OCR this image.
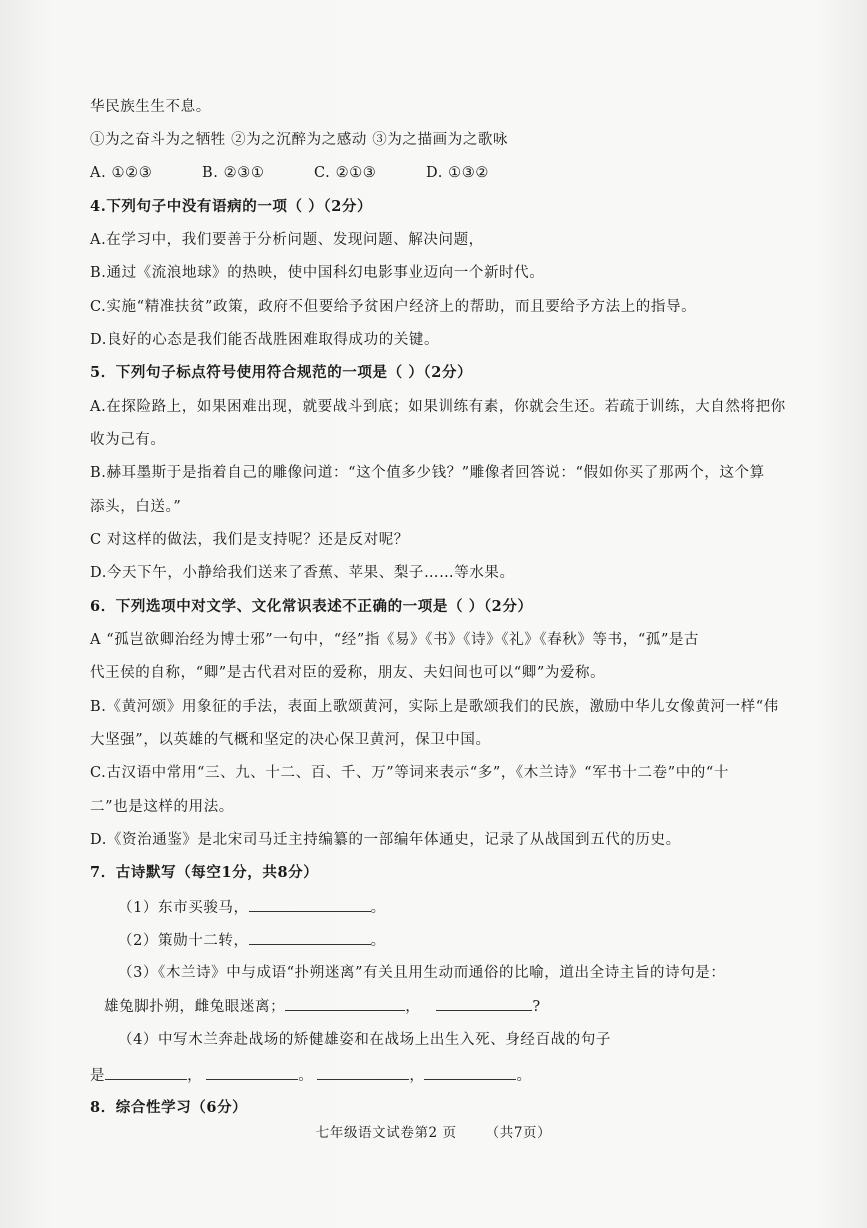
华民族生生不息。
①为之奋斗为之牺牲 ②为之沉醉为之感动 ③为之描画为之歌咏
A. ①②③	B. ②③①	C. ②①③	D. ①③②
4.下列句子中没有语病的一项（ ）（2分）
A.在学习中，我们要善于分析问题、发现问题、解决问题，
B.通过《流浪地球》的热映，使中国科幻电影事业迈向一个新时代。
C.实施“精准扶贫”政策，政府不但要给予贫困户经济上的帮助，而且要给予方法上的指导。
D.良好的心态是我们能否战胜困难取得成功的关键。
5．下列句子标点符号使用符合规范的一项是（ ）（2分）
A.在探险路上，如果困难出现，就要战斗到底；如果训练有素，你就会生还。若疏于训练，大自然将把你
收为己有。
B.赫耳墨斯于是指着自己的雕像问道：“这个值多少钱？”雕像者回答说：“假如你买了那两个，这个算
添头，白送。”
C 对这样的做法，我们是支持呢？还是反对呢？
D.今天下午，小静给我们送来了香蕉、苹果、梨子……等水果。
6．下列选项中对文学、文化常识表述不正确的一项是（ ）（2分）
A “孤岂欲卿治经为博士邪”一句中，“经”指《易》《书》《诗》《礼》《春秋》等书，“孤”是古
代王侯的自称，“卿”是古代君对臣的爱称，朋友、夫妇间也可以“卿”为爱称。
B.《黄河颂》用象征的手法，表面上歌颂黄河，实际上是歌颂我们的民族，激励中华儿女像黄河一样“伟
大坚强”，以英雄的气概和坚定的决心保卫黄河，保卫中国。
C.古汉语中常用“三、九、十二、百、千、万”等词来表示“多”，《木兰诗》“军书十二卷”中的“十
二”也是这样的用法。
D.《资治通鉴》是北宋司马迁主持编纂的一部编年体通史，记录了从战国到五代的历史。
7．古诗默写（每空1分，共8分）
（1）东市买骏马，	。
（2）策勋十二转，	。
（3）《木兰诗》中与成语“扑朔迷离”有关且用生动而通俗的比喻，道出全诗主旨的诗句是：
雄兔脚扑朔，雌兔眼迷离；	，	?
（4）中写木兰奔赴战场的矫健雄姿和在战场上出生入死、身经百战的句子
是	，	。	，	。
8．综合性学习（6分）
七年级语文试卷第2 页 （共7页）
